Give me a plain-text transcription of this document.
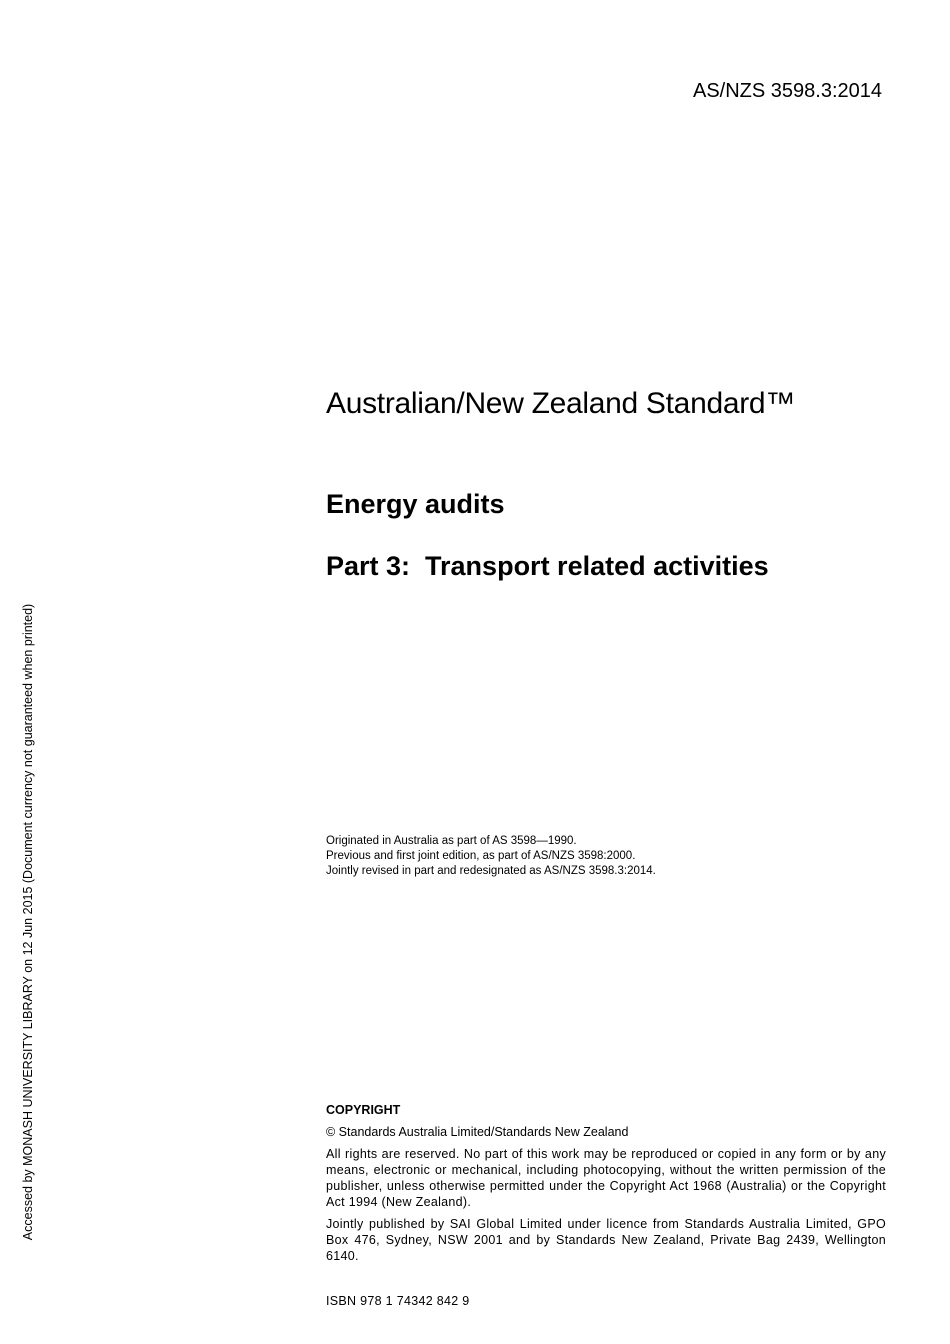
AS/NZS 3598.3:2014
Australian/New Zealand Standard™
Energy audits
Part 3:  Transport related activities
Originated in Australia as part of AS 3598—1990.
Previous and first joint edition, as part of AS/NZS 3598:2000.
Jointly revised in part and redesignated as AS/NZS 3598.3:2014.
COPYRIGHT
© Standards Australia Limited/Standards New Zealand
All rights are reserved. No part of this work may be reproduced or copied in any form or by any means, electronic or mechanical, including photocopying, without the written permission of the publisher, unless otherwise permitted under the Copyright Act 1968 (Australia) or the Copyright Act 1994 (New Zealand).
Jointly published by SAI Global Limited under licence from Standards Australia Limited, GPO Box 476, Sydney, NSW 2001 and by Standards New Zealand, Private Bag 2439, Wellington 6140.
ISBN 978 1 74342 842 9
Accessed by MONASH UNIVERSITY LIBRARY on 12 Jun 2015 (Document currency not guaranteed when printed)
